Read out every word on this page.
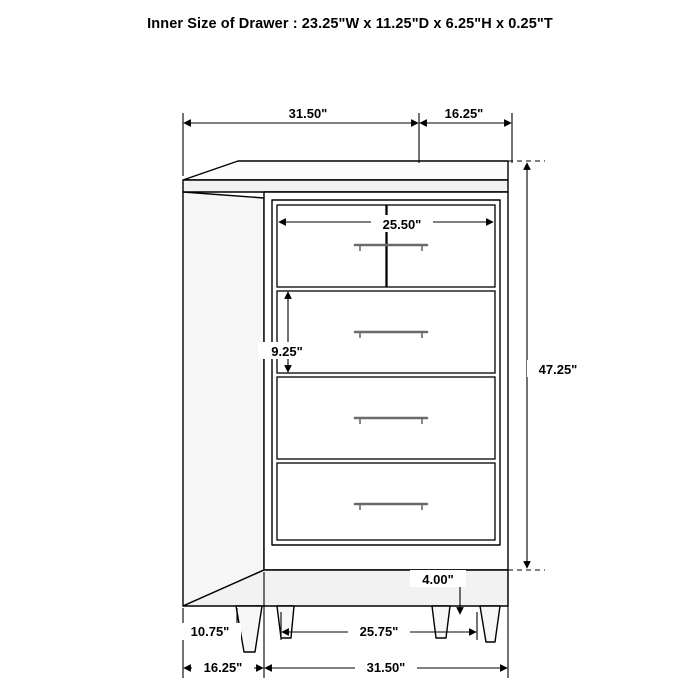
Inner Size of Drawer : 23.25"W x 11.25"D x 6.25"H x 0.25"T
31.50"	16.25"
25.50"
9.25"
47.25"
4.00"
10.75"	25.75"
16.25"	31.50"
